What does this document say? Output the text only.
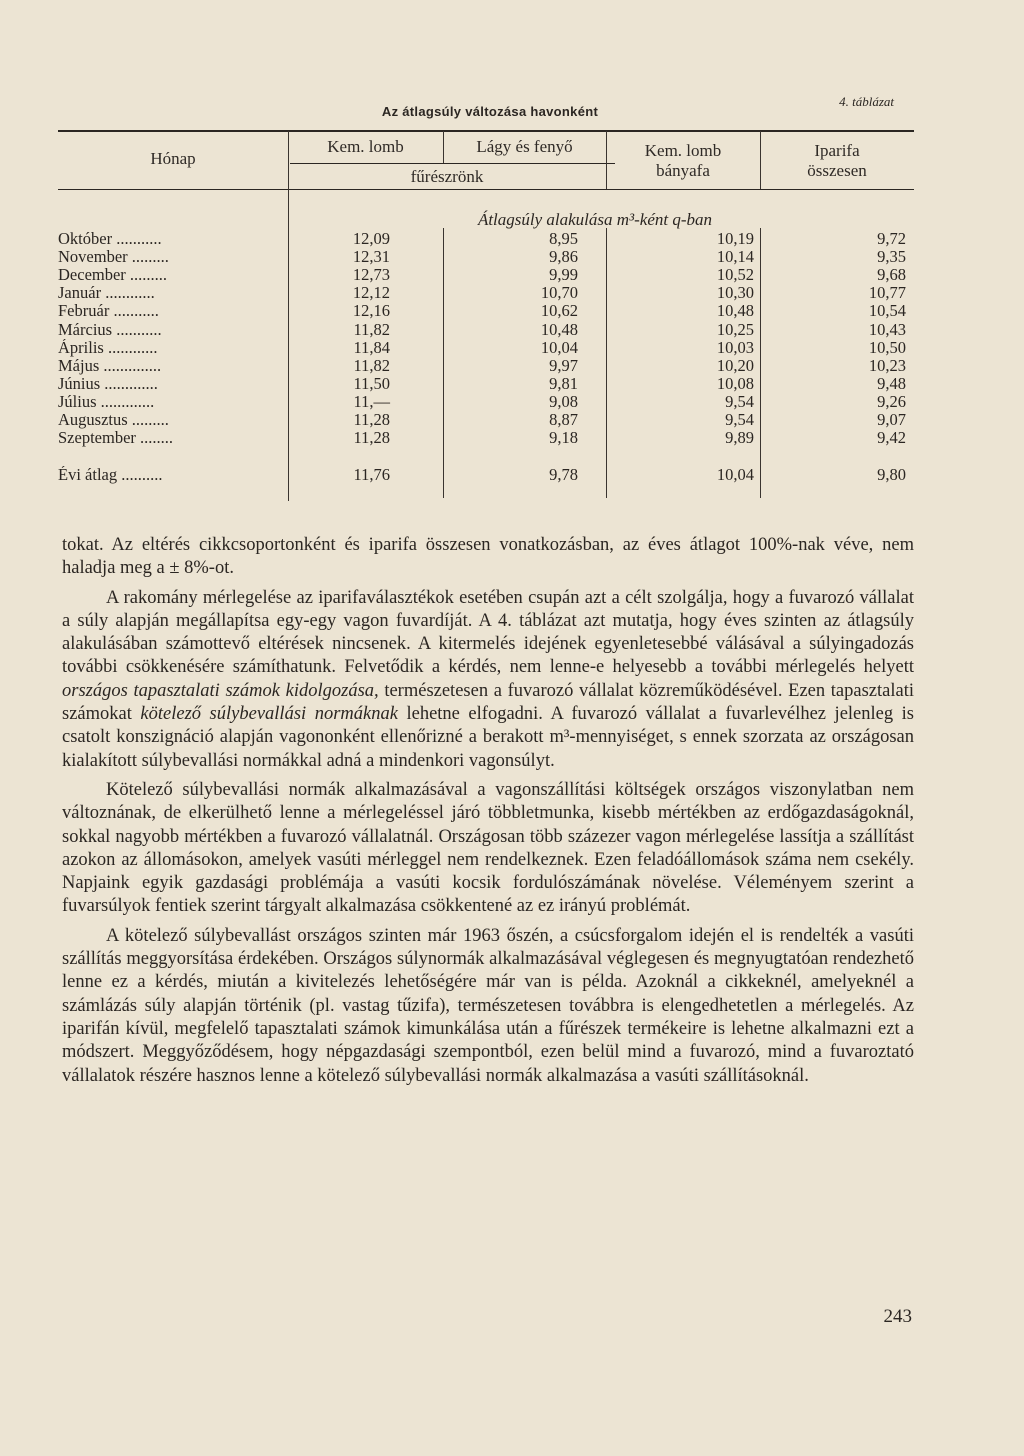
Az átlagsúly változása havonként
4. táblázat
Hónap
Kem. lomb	Lágy és fenyő
fűrészrönk
Kem. lomb
bányafa
Iparifa
összesen
Átlagsúly alakulása m³-ként q-ban
Október ...........	12,09	8,95	10,19	9,72
November .........	12,31	9,86	10,14	9,35
December .........	12,73	9,99	10,52	9,68
Január ............	12,12	10,70	10,30	10,77
Február ...........	12,16	10,62	10,48	10,54
Március ...........	11,82	10,48	10,25	10,43
Április ............	11,84	10,04	10,03	10,50
Május ..............	11,82	9,97	10,20	10,23
Június .............	11,50	9,81	10,08	9,48
Július .............	11,—	9,08	9,54	9,26
Augusztus .........	11,28	8,87	9,54	9,07
Szeptember ........	11,28	9,18	9,89	9,42
Évi átlag ..........	11,76	9,78	10,04	9,80

tokat. Az eltérés cikkcsoportonként és iparifa összesen vonatkozásban, az éves átlagot 100%-nak véve, nem haladja meg a ± 8%-ot.

A rakomány mérlegelése az iparifaválasztékok esetében csupán azt a célt szolgálja, hogy a fuvarozó vállalat a súly alapján megállapítsa egy-egy vagon fuvardíját. A 4. táblázat azt mutatja, hogy éves szinten az átlagsúly alakulásában számottevő eltérések nincsenek. A kitermelés idejének egyenletesebbé válásával a súlyingadozás további csökkenésére számíthatunk. Felvetődik a kérdés, nem lenne-e helyesebb a további mérlegelés helyett országos tapasztalati számok kidolgozása, természetesen a fuvarozó vállalat közreműködésével. Ezen tapasztalati számokat kötelező súlybevallási normáknak lehetne elfogadni. A fuvarozó vállalat a fuvarlevélhez jelenleg is csatolt konszignáció alapján vagononként ellenőrizné a berakott m³-mennyiséget, s ennek szorzata az országosan kialakított súlybevallási normákkal adná a mindenkori vagonsúlyt.

Kötelező súlybevallási normák alkalmazásával a vagonszállítási költségek országos viszonylatban nem változnának, de elkerülhető lenne a mérlegeléssel járó többletmunka, kisebb mértékben az erdőgazdaságoknál, sokkal nagyobb mértékben a fuvarozó vállalatnál. Országosan több százezer vagon mérlegelése lassítja a szállítást azokon az állomásokon, amelyek vasúti mérleggel nem rendelkeznek. Ezen feladóállomások száma nem csekély. Napjaink egyik gazdasági problémája a vasúti kocsik fordulószámának növelése. Véleményem szerint a fuvarsúlyok fentiek szerint tárgyalt alkalmazása csökkentené az ez irányú problémát.

A kötelező súlybevallást országos szinten már 1963 őszén, a csúcsforgalom idején el is rendelték a vasúti szállítás meggyorsítása érdekében. Országos súlynormák alkalmazásával véglegesen és megnyugtatóan rendezhető lenne ez a kérdés, miután a kivitelezés lehetőségére már van is példa. Azoknál a cikkeknél, amelyeknél a számlázás súly alapján történik (pl. vastag tűzifa), természetesen továbbra is elengedhetetlen a mérlegelés. Az iparifán kívül, megfelelő tapasztalati számok kimunkálása után a fűrészek termékeire is lehetne alkalmazni ezt a módszert. Meggyőződésem, hogy népgazdasági szempontból, ezen belül mind a fuvarozó, mind a fuvaroztató vállalatok részére hasznos lenne a kötelező súlybevallási normák alkalmazása a vasúti szállításoknál.

243
